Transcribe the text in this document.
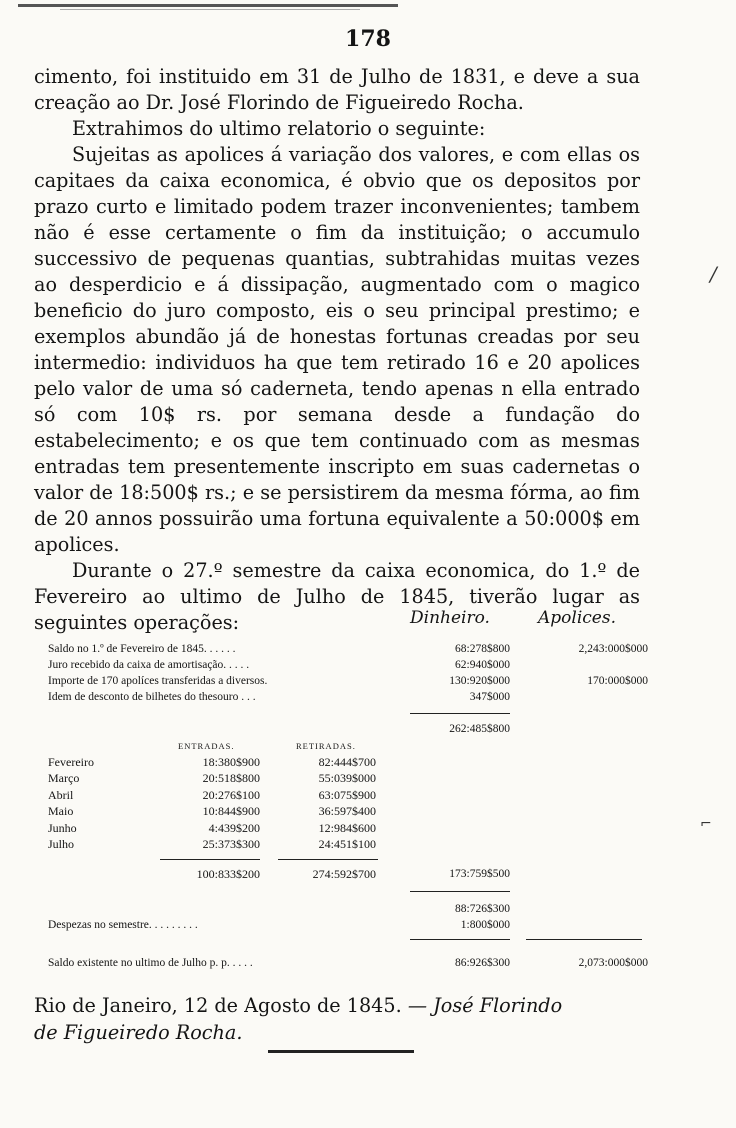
178

cimento, foi instituido em 31 de Julho de 1831, e deve a sua creação ao Dr. José Florindo de Figueiredo Rocha.

Extrahimos do ultimo relatorio o seguinte:

Sujeitas as apolices á variação dos valores, e com ellas os capitaes da caixa economica, é obvio que os depositos por prazo curto e limitado podem trazer inconvenientes; tambem não é esse certamente o fim da instituição; o accumulo successivo de pequenas quantias, subtrahidas muitas vezes ao desperdicio e á dissipação, augmentado com o magico beneficio do juro composto, eis o seu principal prestimo; e exemplos abundão já de honestas fortunas creadas por seu intermedio: individuos ha que tem retirado 16 e 20 apolices pelo valor de uma só caderneta, tendo apenas n ella entrado só com 10$ rs. por semana desde a fundação do estabelecimento; e os que tem continuado com as mesmas entradas tem presentemente inscripto em suas cadernetas o valor de 18:500$ rs.; e se persistirem da mesma fórma, ao fim de 20 annos possuirão uma fortuna equivalente a 50:000$ em apolices.

Durante o 27.º semestre da caixa economica, do 1.º de Fevereiro ao ultimo de Julho de 1845, tiverão lugar as seguintes operações:	Dinheiro.	Apolices.
Saldo no 1.º de Fevereiro de 1845. . . . . .	68:278$800	2,243:000$000
Juro recebido da caixa de amortisação. . . . .	62:940$000
Importe de 170 apolíces transferidas a diversos.	130:920$000	170:000$000
Idem de desconto de bilhetes do thesouro . . .	347$000
262:485$800
ENTRADAS.	RETIRADAS.
Fevereiro	18:380$900	82:444$700
Março	20:518$800	55:039$000
Abril	20:276$100	63:075$900
Maio	10:844$900	36:597$400
Junho	4:439$200	12:984$600
Julho	25:373$300	24:451$100
100:833$200	274:592$700	173:759$500
88:726$300
Despezas no semestre. . . . . . . . .	1:800$000
Saldo existente no ultimo de Julho p. p. . . . .	86:926$300	2,073:000$000
Rio de Janeiro, 12 de Agosto de 1845. — José Florindo
de Figueiredo Rocha.
/
⌐
